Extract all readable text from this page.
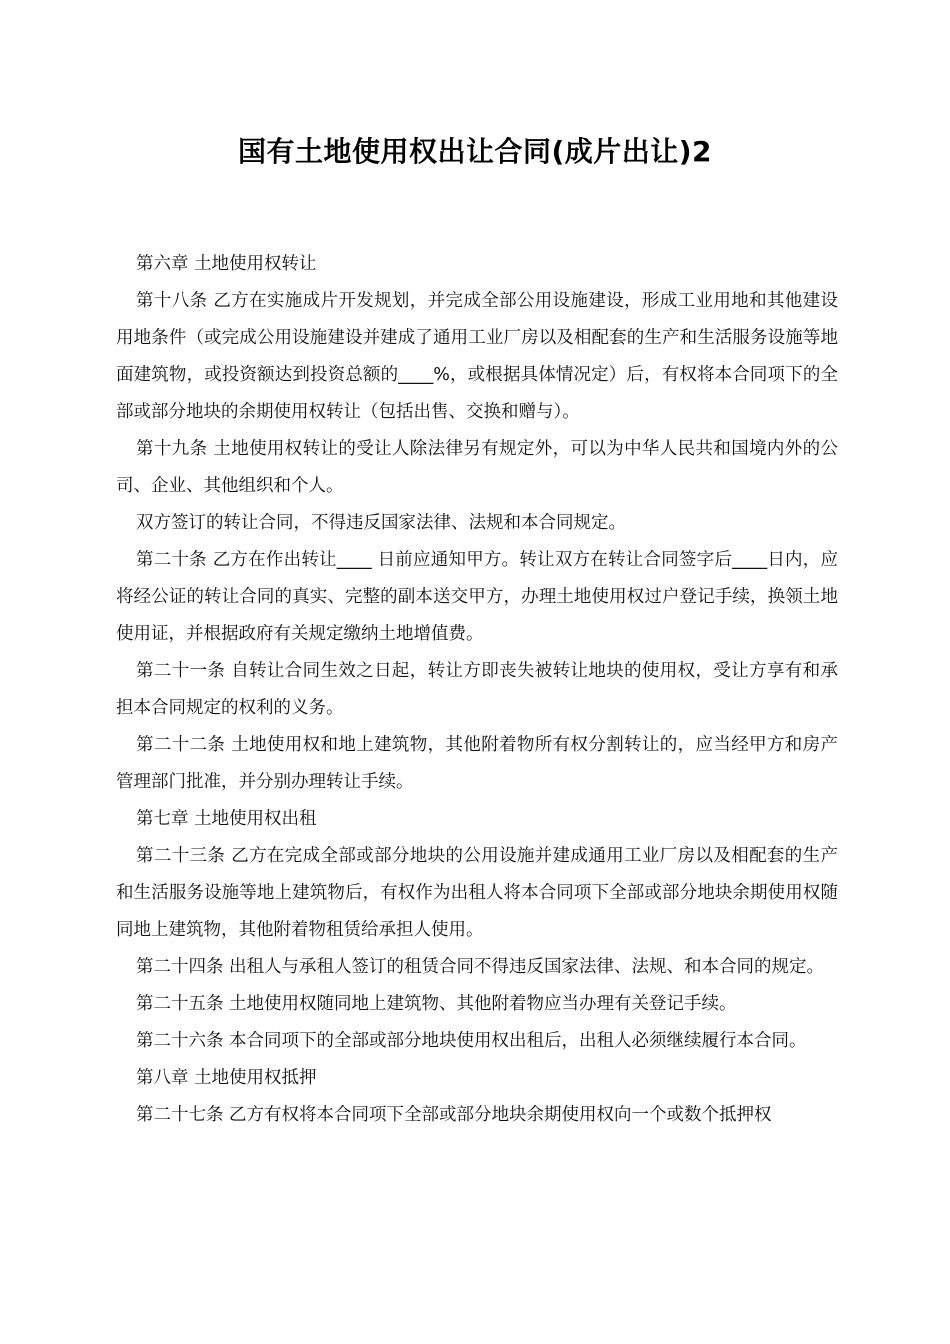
国有土地使用权出让合同(成片出让)2

第六章 土地使用权转让

第十八条 乙方在实施成片开发规划，并完成全部公用设施建设，形成工业用地和其他建设用地条件（或完成公用设施建设并建成了通用工业厂房以及相配套的生产和生活服务设施等地面建筑物，或投资额达到投资总额的____%，或根据具体情况定）后，有权将本合同项下的全部或部分地块的余期使用权转让（包括出售、交换和赠与）。

第十九条 土地使用权转让的受让人除法律另有规定外，可以为中华人民共和国境内外的公司、企业、其他组织和个人。

双方签订的转让合同，不得违反国家法律、法规和本合同规定。

第二十条 乙方在作出转让____ 日前应通知甲方。转让双方在转让合同签字后____日内，应将经公证的转让合同的真实、完整的副本送交甲方，办理土地使用权过户登记手续，换领土地使用证，并根据政府有关规定缴纳土地增值费。

第二十一条 自转让合同生效之日起，转让方即丧失被转让地块的使用权，受让方享有和承担本合同规定的权利的义务。

第二十二条 土地使用权和地上建筑物，其他附着物所有权分割转让的，应当经甲方和房产管理部门批准，并分别办理转让手续。

第七章 土地使用权出租

第二十三条 乙方在完成全部或部分地块的公用设施并建成通用工业厂房以及相配套的生产和生活服务设施等地上建筑物后，有权作为出租人将本合同项下全部或部分地块余期使用权随同地上建筑物，其他附着物租赁给承担人使用。

第二十四条 出租人与承租人签订的租赁合同不得违反国家法律、法规、和本合同的规定。

第二十五条 土地使用权随同地上建筑物、其他附着物应当办理有关登记手续。

第二十六条 本合同项下的全部或部分地块使用权出租后，出租人必须继续履行本合同。

第八章 土地使用权抵押

第二十七条 乙方有权将本合同项下全部或部分地块余期使用权向一个或数个抵押权
